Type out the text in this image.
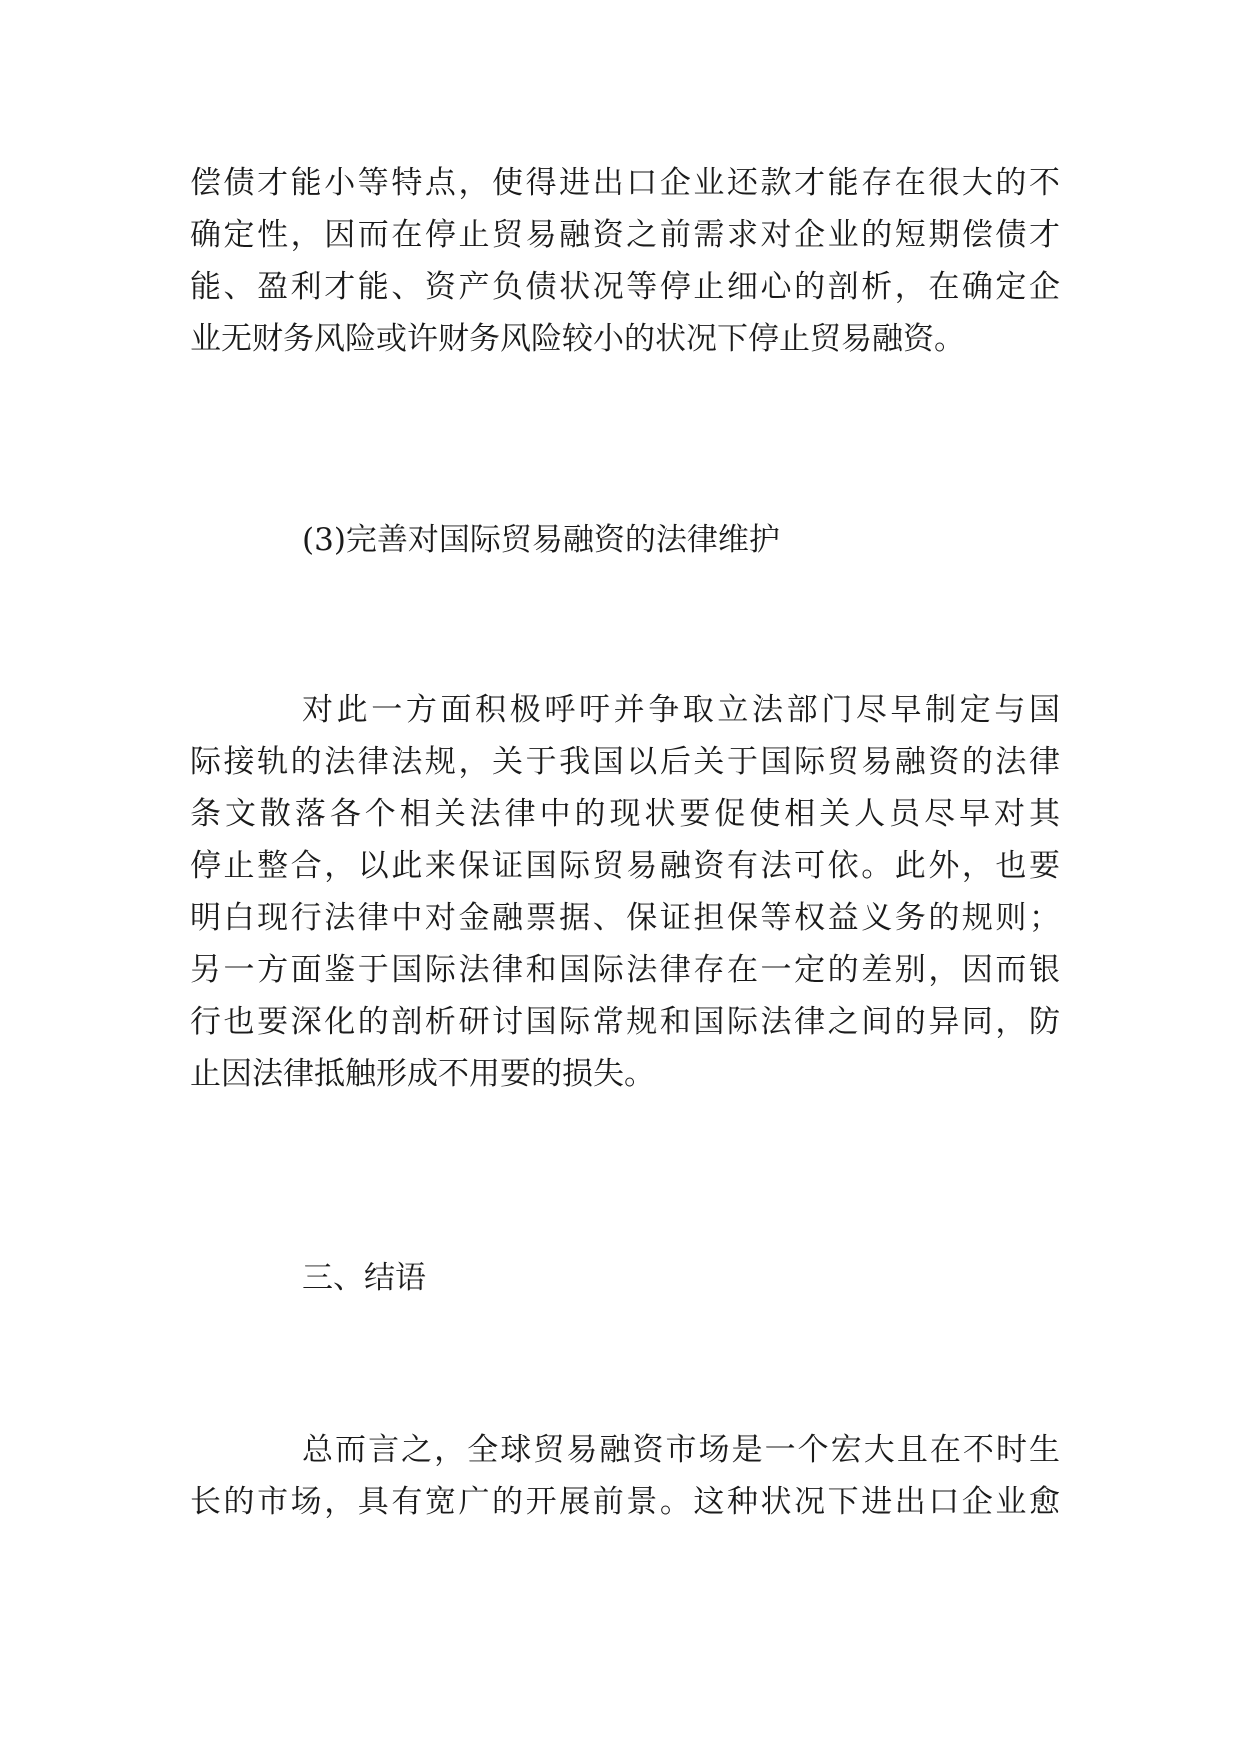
偿债才能小等特点，使得进出口企业还款才能存在很大的不
确定性，因而在停止贸易融资之前需求对企业的短期偿债才
能、盈利才能、资产负债状况等停止细心的剖析，在确定企
业无财务风险或许财务风险较小的状况下停止贸易融资。
(3)完善对国际贸易融资的法律维护
对此一方面积极呼吁并争取立法部门尽早制定与国
际接轨的法律法规，关于我国以后关于国际贸易融资的法律
条文散落各个相关法律中的现状要促使相关人员尽早对其
停止整合，以此来保证国际贸易融资有法可依。此外，也要
明白现行法律中对金融票据、保证担保等权益义务的规则；
另一方面鉴于国际法律和国际法律存在一定的差别，因而银
行也要深化的剖析研讨国际常规和国际法律之间的异同，防
止因法律抵触形成不用要的损失。
三、结语
总而言之，全球贸易融资市场是一个宏大且在不时生
长的市场，具有宽广的开展前景。这种状况下进出口企业愈
